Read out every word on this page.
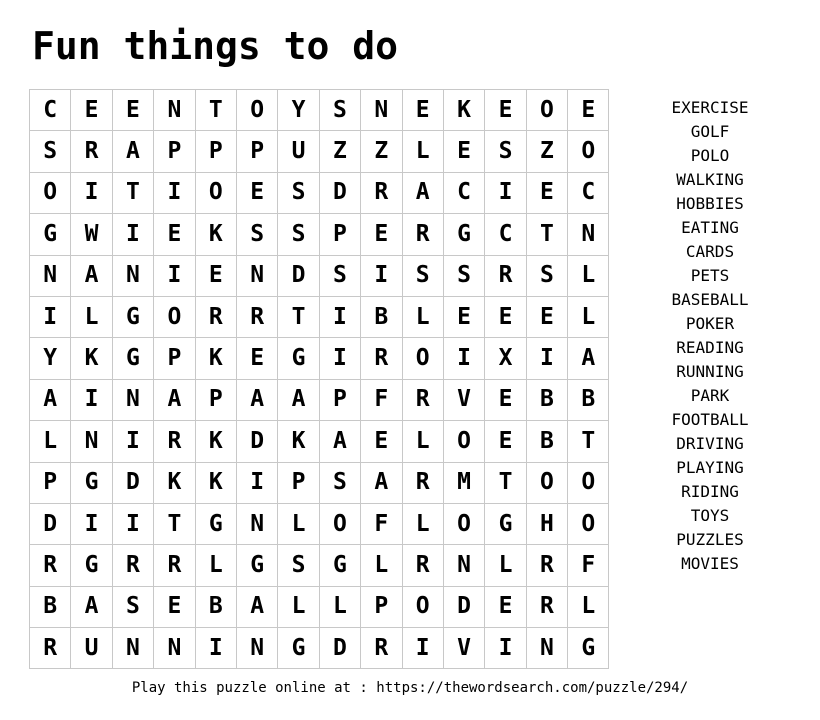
Fun things to do
C	E	E	N	T	O	Y	S	N	E	K	E	O	E
S	R	A	P	P	P	U	Z	Z	L	E	S	Z	O
O	I	T	I	O	E	S	D	R	A	C	I	E	C
G	W	I	E	K	S	S	P	E	R	G	C	T	N
N	A	N	I	E	N	D	S	I	S	S	R	S	L
I	L	G	O	R	R	T	I	B	L	E	E	E	L
Y	K	G	P	K	E	G	I	R	O	I	X	I	A
A	I	N	A	P	A	A	P	F	R	V	E	B	B
L	N	I	R	K	D	K	A	E	L	O	E	B	T
P	G	D	K	K	I	P	S	A	R	M	T	O	O
D	I	I	T	G	N	L	O	F	L	O	G	H	O
R	G	R	R	L	G	S	G	L	R	N	L	R	F
B	A	S	E	B	A	L	L	P	O	D	E	R	L
R	U	N	N	I	N	G	D	R	I	V	I	N	G
EXERCISE
GOLF
POLO
WALKING
HOBBIES
EATING
CARDS
PETS
BASEBALL
POKER
READING
RUNNING
PARK
FOOTBALL
DRIVING
PLAYING
RIDING
TOYS
PUZZLES
MOVIES
Play this puzzle online at : https://thewordsearch.com/puzzle/294/
